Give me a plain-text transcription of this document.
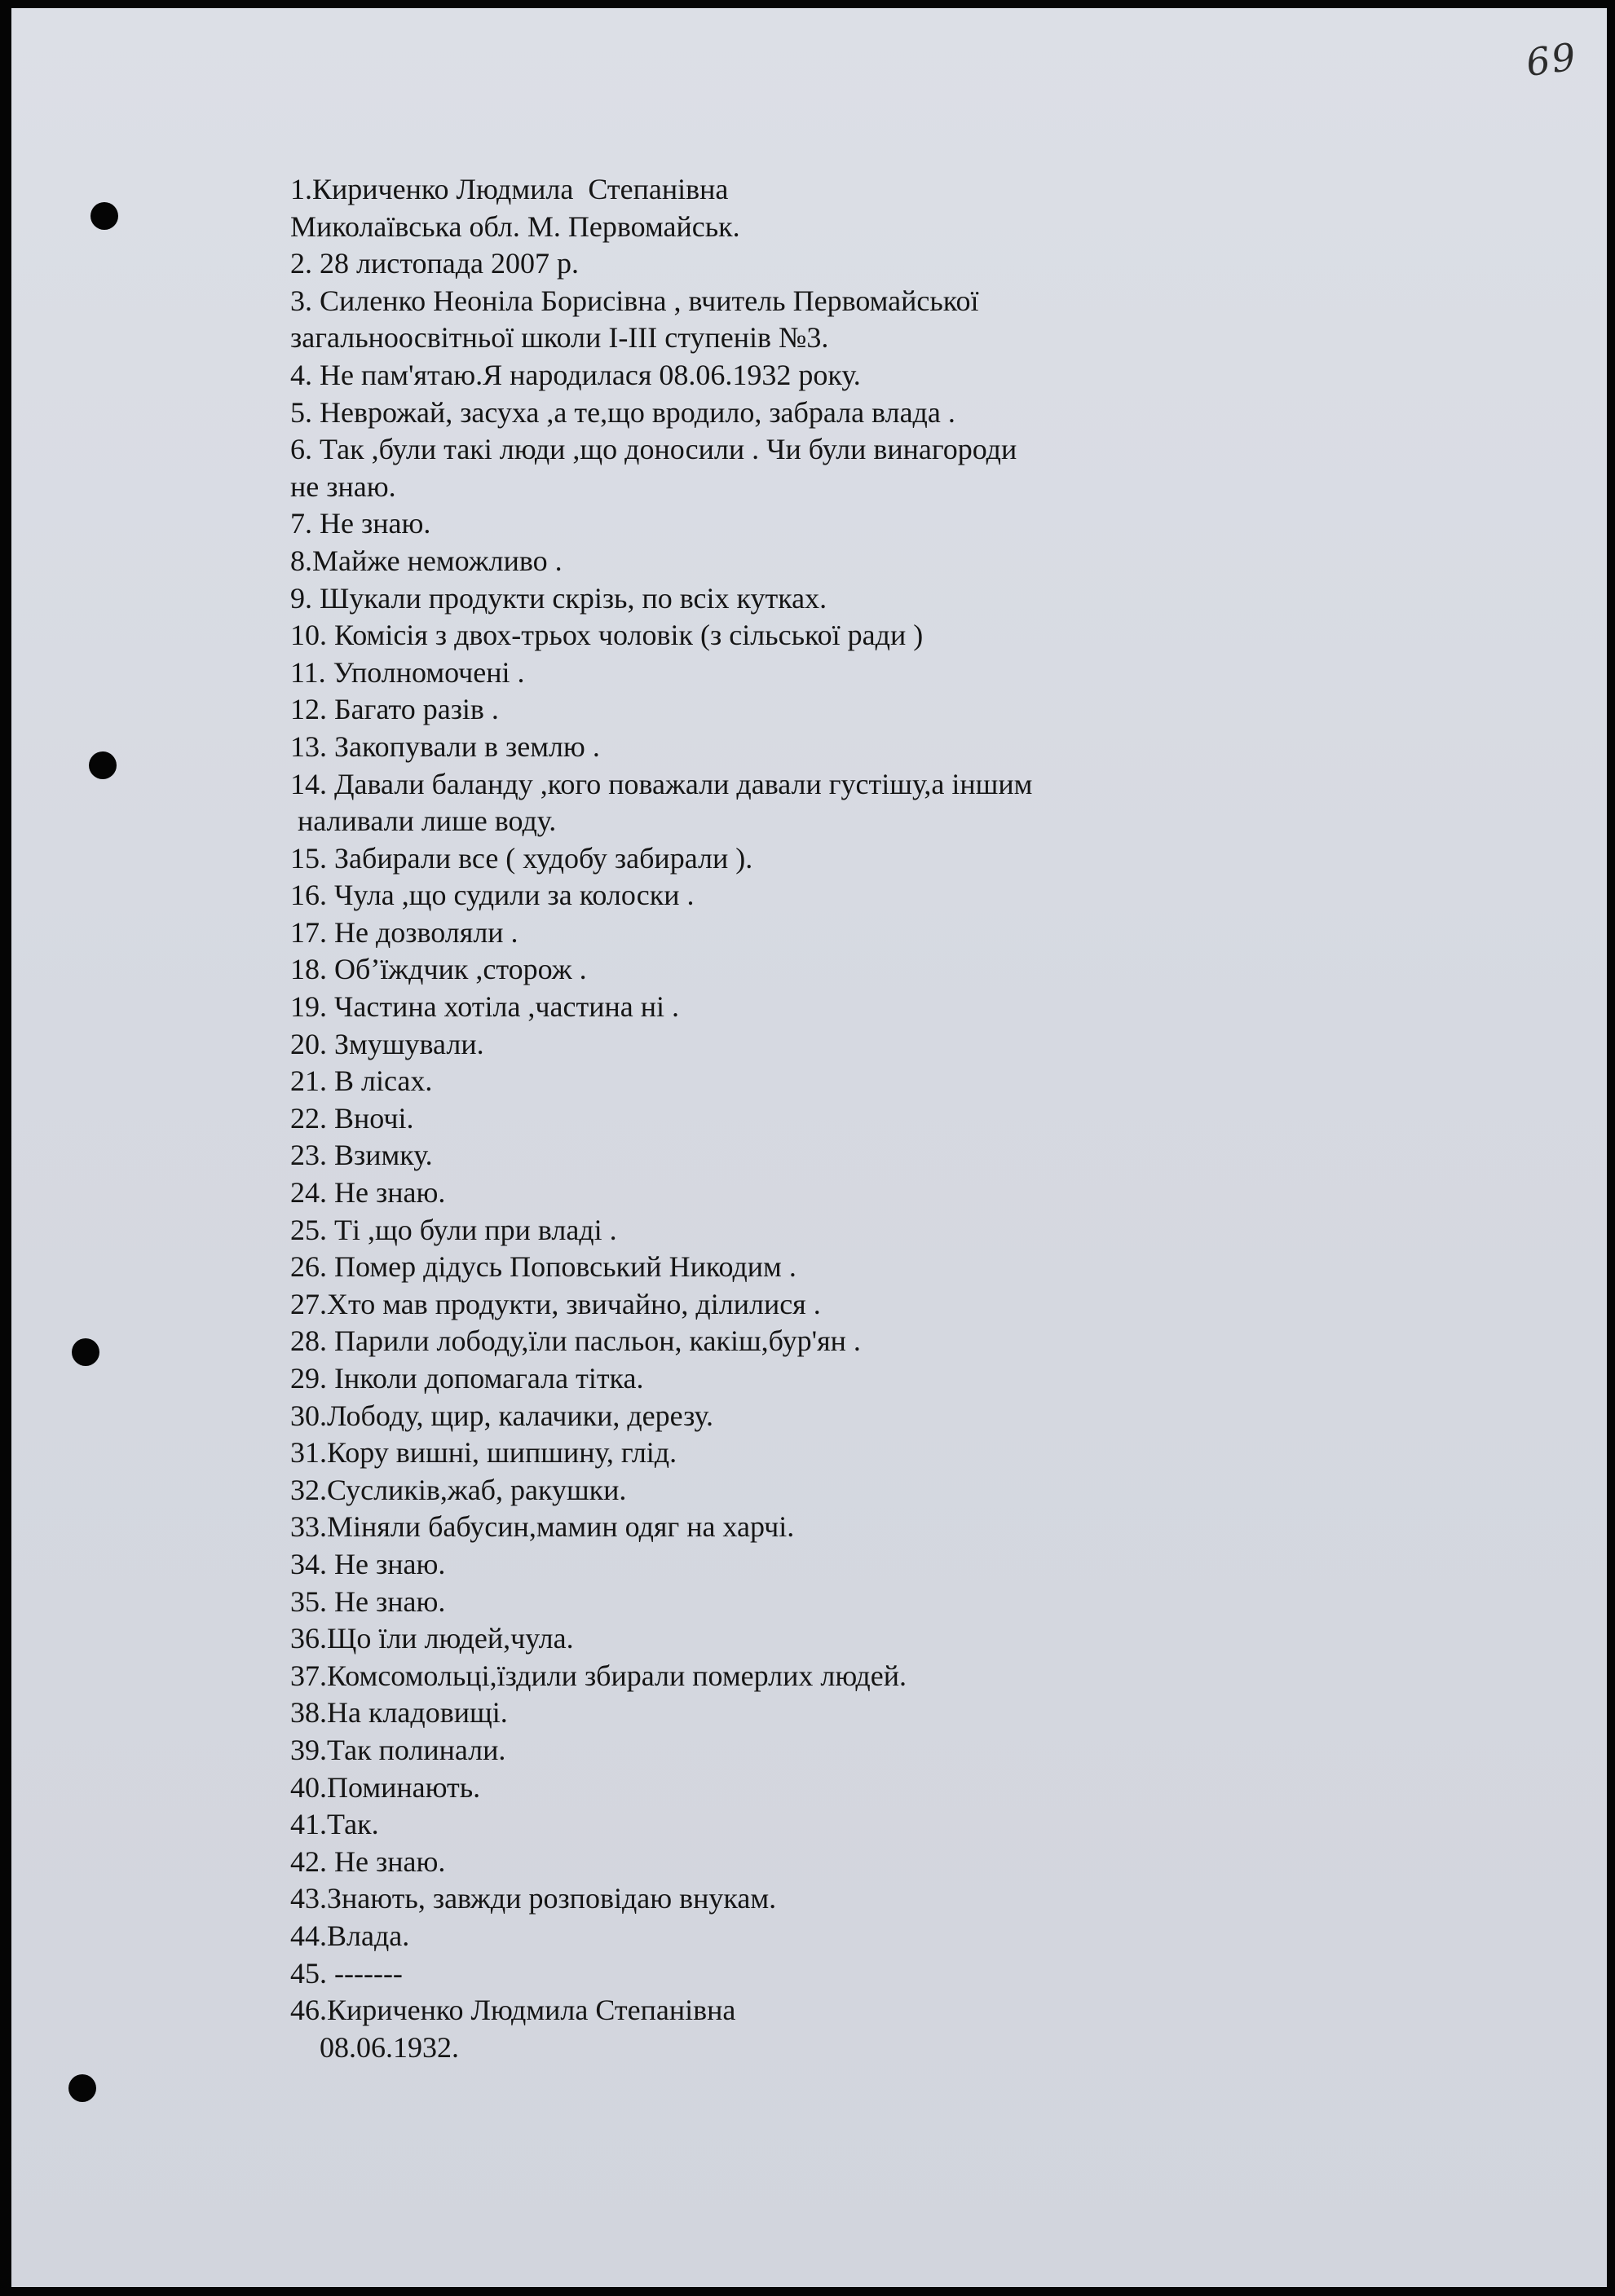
69
1.Кириченко Людмила  Степанівна
Миколаївська обл. М. Первомайськ.
2. 28 листопада 2007 р.
3. Силенко Неоніла Борисівна , вчитель Первомайської
загальноосвітньої школи I-III ступенів №3.
4. Не пам'ятаю.Я народилася 08.06.1932 року.
5. Неврожай, засуха ,а те,що вродило, забрала влада .
6. Так ,були такі люди ,що доносили . Чи були винагороди
не знаю.
7. Не знаю.
8.Майже неможливо .
9. Шукали продукти скрізь, по всіх кутках.
10. Комісія з двох-трьох чоловік (з сільської ради )
11. Уполномочені .
12. Багато разів .
13. Закопували в землю .
14. Давали баланду ,кого поважали давали густішу,а іншим
наливали лише воду.
15. Забирали все ( худобу забирали ).
16. Чула ,що судили за колоски .
17. Не дозволяли .
18. Об’їждчик ,сторож .
19. Частина хотіла ,частина ні .
20. Змушували.
21. В лісах.
22. Вночі.
23. Взимку.
24. Не знаю.
25. Ті ,що були при владі .
26. Помер дідусь Поповський Никодим .
27.Хто мав продукти, звичайно, ділилися .
28. Парили лободу,їли пасльон, какіш,бур'ян .
29. Інколи допомагала тітка.
30.Лободу, щир, калачики, дерезу.
31.Кору вишні, шипшину, глід.
32.Сусликів,жаб, ракушки.
33.Міняли бабусин,мамин одяг на харчі.
34. Не знаю.
35. Не знаю.
36.Що їли людей,чула.
37.Комсомольці,їздили збирали померлих людей.
38.На кладовищі.
39.Так полинали.
40.Поминають.
41.Так.
42. Не знаю.
43.Знають, завжди розповідаю внукам.
44.Влада.
45. -------
46.Кириченко Людмила Степанівна
08.06.1932.
